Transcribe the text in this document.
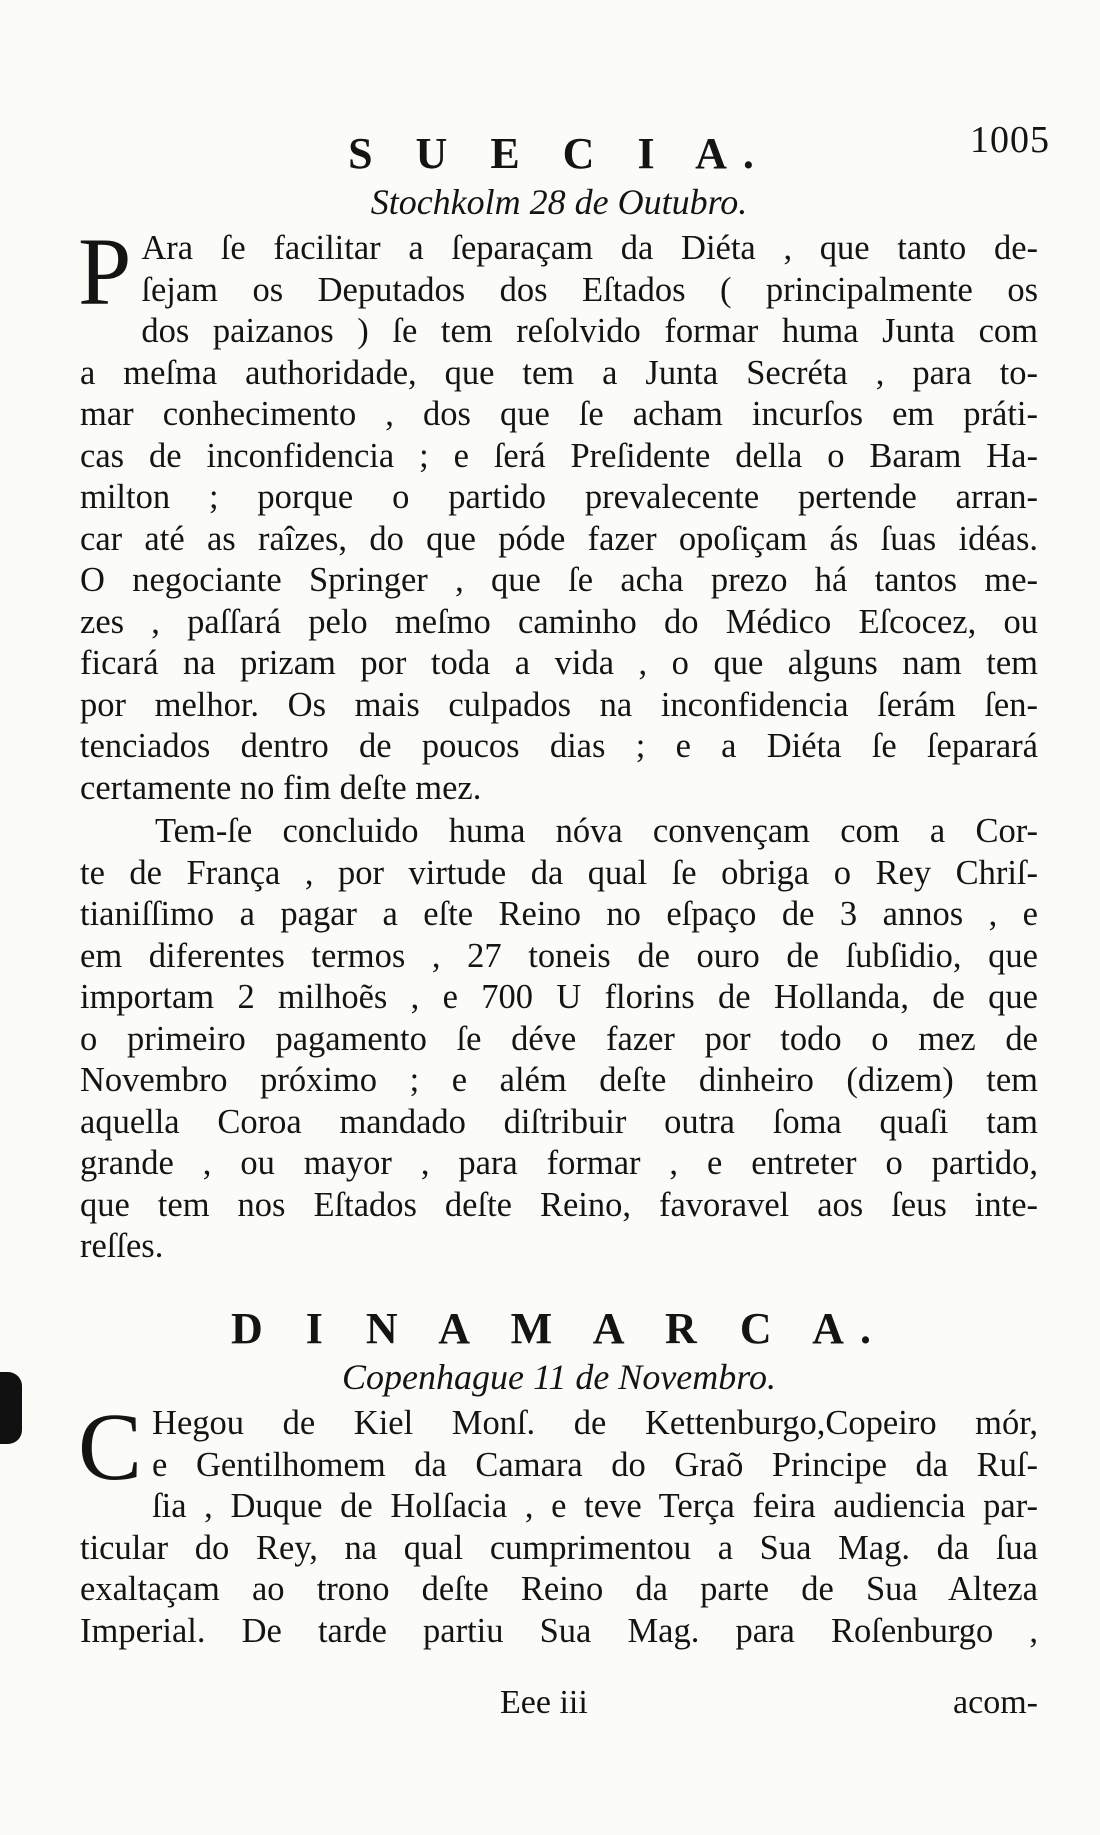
1005
S U E C I A.

Stochkolm 28 de Outubro.

P Ara ſe facilitar a ſeparaçam da Diéta , que tanto de-
ſejam os Deputados dos Eſtados ( principalmente os
dos paizanos ) ſe tem reſolvido formar huma Junta com
a meſma authoridade, que tem a Junta Secréta , para to-
mar conhecimento , dos que ſe acham incurſos em práti-
cas de inconfidencia ; e ſerá Preſidente della o Baram Ha-
milton ; porque o partido prevalecente pertende arran-
car até as raîzes, do que póde fazer opoſiçam ás ſuas idéas.
O negociante Springer , que ſe acha prezo há tantos me-
zes , paſſará pelo meſmo caminho do Médico Eſcocez, ou
ficará na prizam por toda a vida , o que alguns nam tem
por melhor. Os mais culpados na inconfidencia ſerám ſen-
tenciados dentro de poucos dias ; e a Diéta ſe ſeparará
certamente no fim deſte mez.
Tem-ſe concluido huma nóva convençam com a Cor-
te de França , por virtude da qual ſe obriga o Rey Chriſ-
tianiſſimo a pagar a eſte Reino no eſpaço de 3 annos , e
em diferentes termos , 27 toneis de ouro de ſubſidio, que
importam 2 milhoẽs , e 700 U florins de Hollanda, de que
o primeiro pagamento ſe déve fazer por todo o mez de
Novembro próximo ; e além deſte dinheiro (dizem) tem
aquella Coroa mandado diſtribuir outra ſoma quaſi tam
grande , ou mayor , para formar , e entreter o partido,
que tem nos Eſtados deſte Reino, favoravel aos ſeus inte-
reſſes.
D I N A M A R C A.

Copenhague 11 de Novembro.

C Hegou de Kiel Monſ. de Kettenburgo,Copeiro mór,
e Gentilhomem da Camara do Graõ Principe da Ruſ-
ſia , Duque de Holſacia , e teve Terça feira audiencia par-
ticular do Rey, na qual cumprimentou a Sua Mag. da ſua
exaltaçam ao trono deſte Reino da parte de Sua Alteza
Imperial. De tarde partiu Sua Mag. para Roſenburgo ,
Eee iii	acom-
